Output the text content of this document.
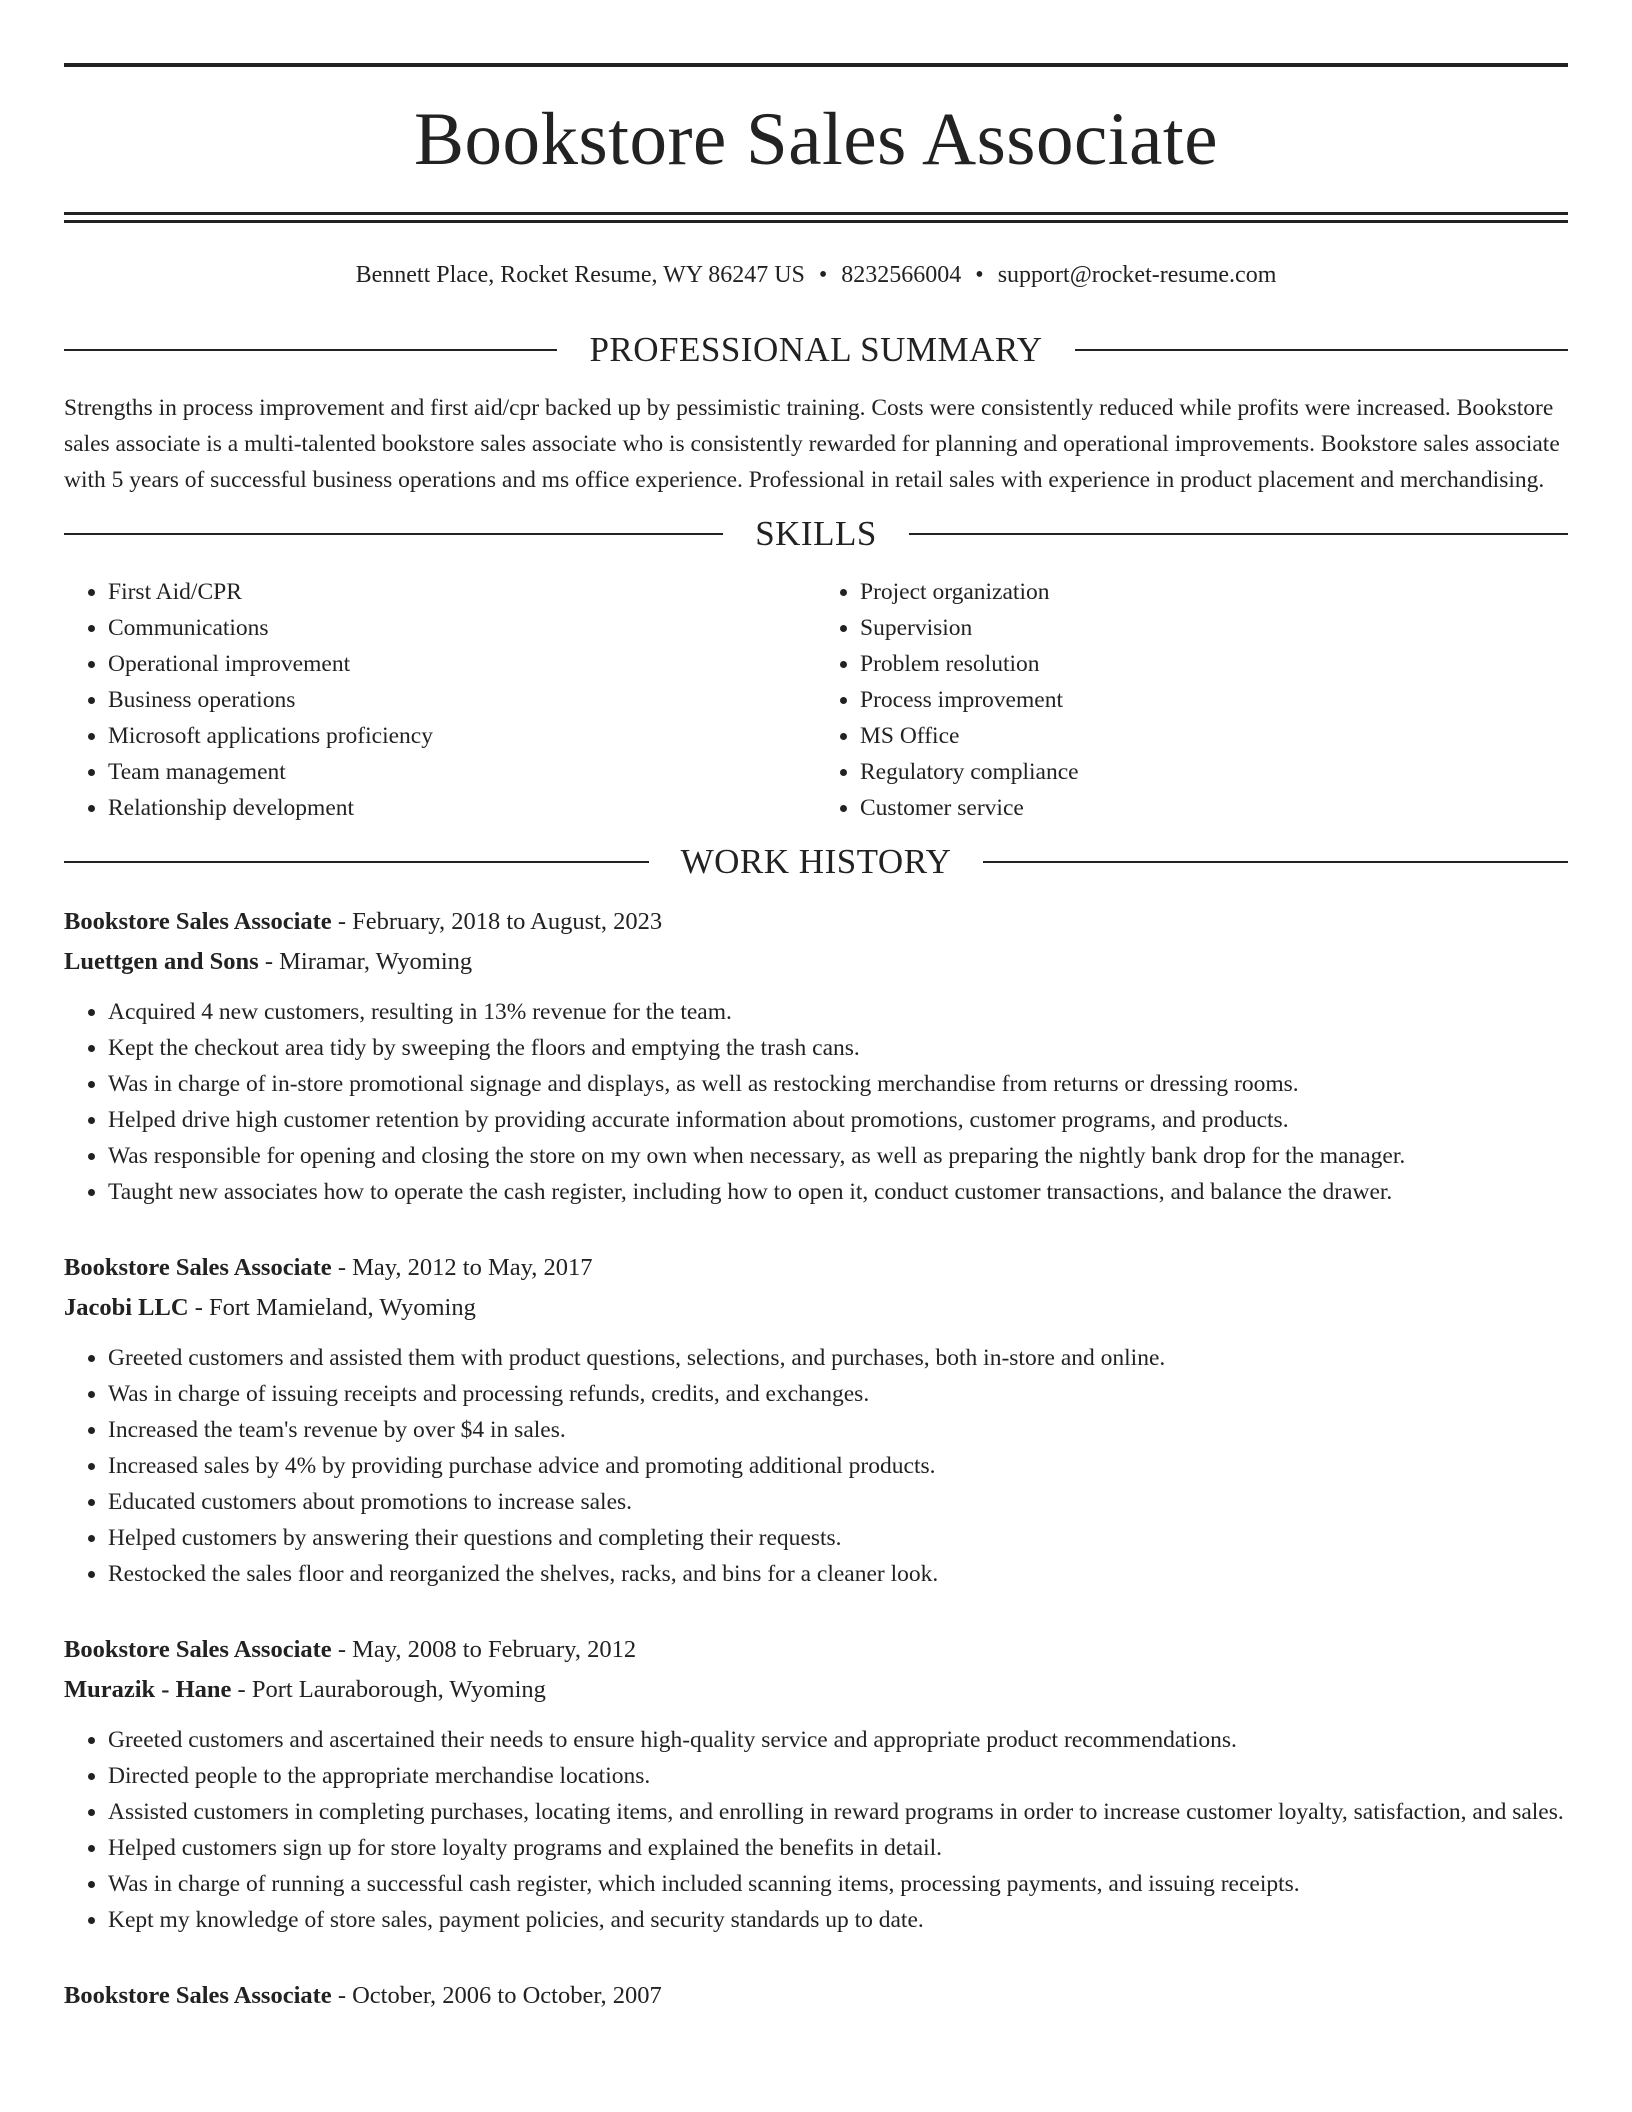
Bookstore Sales Associate
Bennett Place, Rocket Resume, WY 86247 US • 8232566004 • support@rocket-resume.com
PROFESSIONAL SUMMARY
Strengths in process improvement and first aid/cpr backed up by pessimistic training. Costs were consistently reduced while profits were increased. Bookstore sales associate is a multi-talented bookstore sales associate who is consistently rewarded for planning and operational improvements. Bookstore sales associate with 5 years of successful business operations and ms office experience. Professional in retail sales with experience in product placement and merchandising.
SKILLS
• First Aid/CPR
• Communications
• Operational improvement
• Business operations
• Microsoft applications proficiency
• Team management
• Relationship development
• Project organization
• Supervision
• Problem resolution
• Process improvement
• MS Office
• Regulatory compliance
• Customer service
WORK HISTORY
Bookstore Sales Associate - February, 2018 to August, 2023
Luettgen and Sons - Miramar, Wyoming
• Acquired 4 new customers, resulting in 13% revenue for the team.
• Kept the checkout area tidy by sweeping the floors and emptying the trash cans.
• Was in charge of in-store promotional signage and displays, as well as restocking merchandise from returns or dressing rooms.
• Helped drive high customer retention by providing accurate information about promotions, customer programs, and products.
• Was responsible for opening and closing the store on my own when necessary, as well as preparing the nightly bank drop for the manager.
• Taught new associates how to operate the cash register, including how to open it, conduct customer transactions, and balance the drawer.
Bookstore Sales Associate - May, 2012 to May, 2017
Jacobi LLC - Fort Mamieland, Wyoming
• Greeted customers and assisted them with product questions, selections, and purchases, both in-store and online.
• Was in charge of issuing receipts and processing refunds, credits, and exchanges.
• Increased the team's revenue by over $4 in sales.
• Increased sales by 4% by providing purchase advice and promoting additional products.
• Educated customers about promotions to increase sales.
• Helped customers by answering their questions and completing their requests.
• Restocked the sales floor and reorganized the shelves, racks, and bins for a cleaner look.
Bookstore Sales Associate - May, 2008 to February, 2012
Murazik - Hane - Port Lauraborough, Wyoming
• Greeted customers and ascertained their needs to ensure high-quality service and appropriate product recommendations.
• Directed people to the appropriate merchandise locations.
• Assisted customers in completing purchases, locating items, and enrolling in reward programs in order to increase customer loyalty, satisfaction, and sales.
• Helped customers sign up for store loyalty programs and explained the benefits in detail.
• Was in charge of running a successful cash register, which included scanning items, processing payments, and issuing receipts.
• Kept my knowledge of store sales, payment policies, and security standards up to date.
Bookstore Sales Associate - October, 2006 to October, 2007
